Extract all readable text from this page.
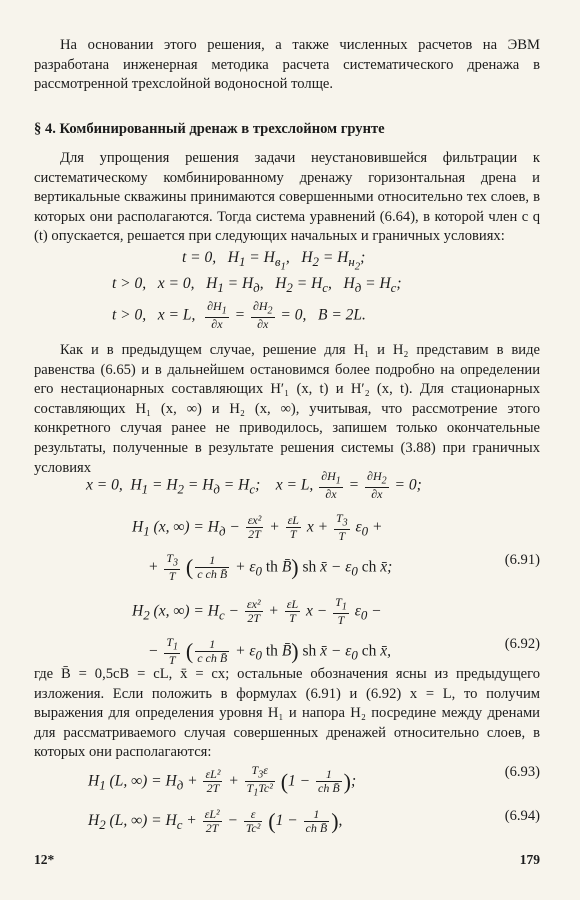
На основании этого решения, а также численных расчетов на ЭВМ разработана инженерная методика расчета систематического дренажа в рассмотренной трехслойной водоносной толще.

§ 4. Комбинированный дренаж в трехслойном грунте

Для упрощения решения задачи неустановившейся фильтрации к систематическому комбинированному дренажу горизонтальная дрена и вертикальные скважины принимаются совершенными относительно тех слоев, в которых они располагаются. Тогда система уравнений (6.64), в которой член с q (t) опускается, решается при следующих начальных и граничных условиях:

t = 0,   $H_1 = H_{в_1}$,   $H_2 = H_{н_2}$;
t > 0,   x = 0,   $H_1 = H_д$,   $H_2 = H_c$,   $H_д = H_c$;
t > 0,   x = L, $\frac{\partial H_1}{\partial x} = \frac{\partial H_2}{\partial x} = 0$,   B = 2L.

Как и в предыдущем случае, решение для H₁ и H₂ представим в виде равенства (6.65) и в дальнейшем остановимся более подробно на определении его нестационарных составляющих H′₁ (x, t) и H′₂ (x, t). Для стационарных составляющих H₁ (x, ∞) и H₂ (x, ∞), учитывая, что рассмотрение этого конкретного случая ранее не приводилось, запишем только окончательные результаты, полученные в результате решения системы (3.88) при граничных условиях

x = 0,  $H_1 = H_2 = H_д = H_c$;    x = L, $\frac{\partial H_1}{\partial x} = \frac{\partial H_2}{\partial x} = 0$;
$H_1$ (x, ∞) = $H_д - \frac{\text{εx²}}{2T} + \frac{\varepsilon L}{T}$ $x + \frac{T_3}{T} \varepsilon_0$ +
+ $\frac{T_3}{T}$ ( $\frac{1}{\text{c ch B̄}} + \varepsilon_0$ th B̄) sh x̄ − $\varepsilon_0$ ch x̄;	(6.91)
$H_2$ (x, ∞) = $H_c - \frac{\text{εx²}}{2T} + \frac{\varepsilon L}{T}$ $x - \frac{T_1}{T} \varepsilon_0$ −
− $\frac{T_1}{T}$ ( $\frac{1}{\text{c ch B̄}} + \varepsilon_0$ th B̄) sh x̄ − $\varepsilon_0$ ch x̄,	(6.92)

где B̄ = 0,5cB = cL, x̄ = cx; остальные обозначения ясны из предыдущего изложения. Если положить в формулах (6.91) и (6.92) x = L, то получим выражения для определения уровня H₁ и напора H₂ посредине между дренами для рассматриваемого случая совершенных дренажей относительно слоев, в которых они располагаются:

$H_1$ (L, ∞) = $H_д + \frac{\text{εL²}}{2T} + \frac{T_3\varepsilon}{T_1Tc^2} (1 - \frac{1}{\text{ch B̄}}$ );
(6.93)
$H_2$ (L, ∞) = $H_c + \frac{\text{εL²}}{2T} - \frac{\varepsilon}{\text{Tc²}} (1 - \frac{1}{\text{ch B̄}}$ ),	(6.94)
12*	179
